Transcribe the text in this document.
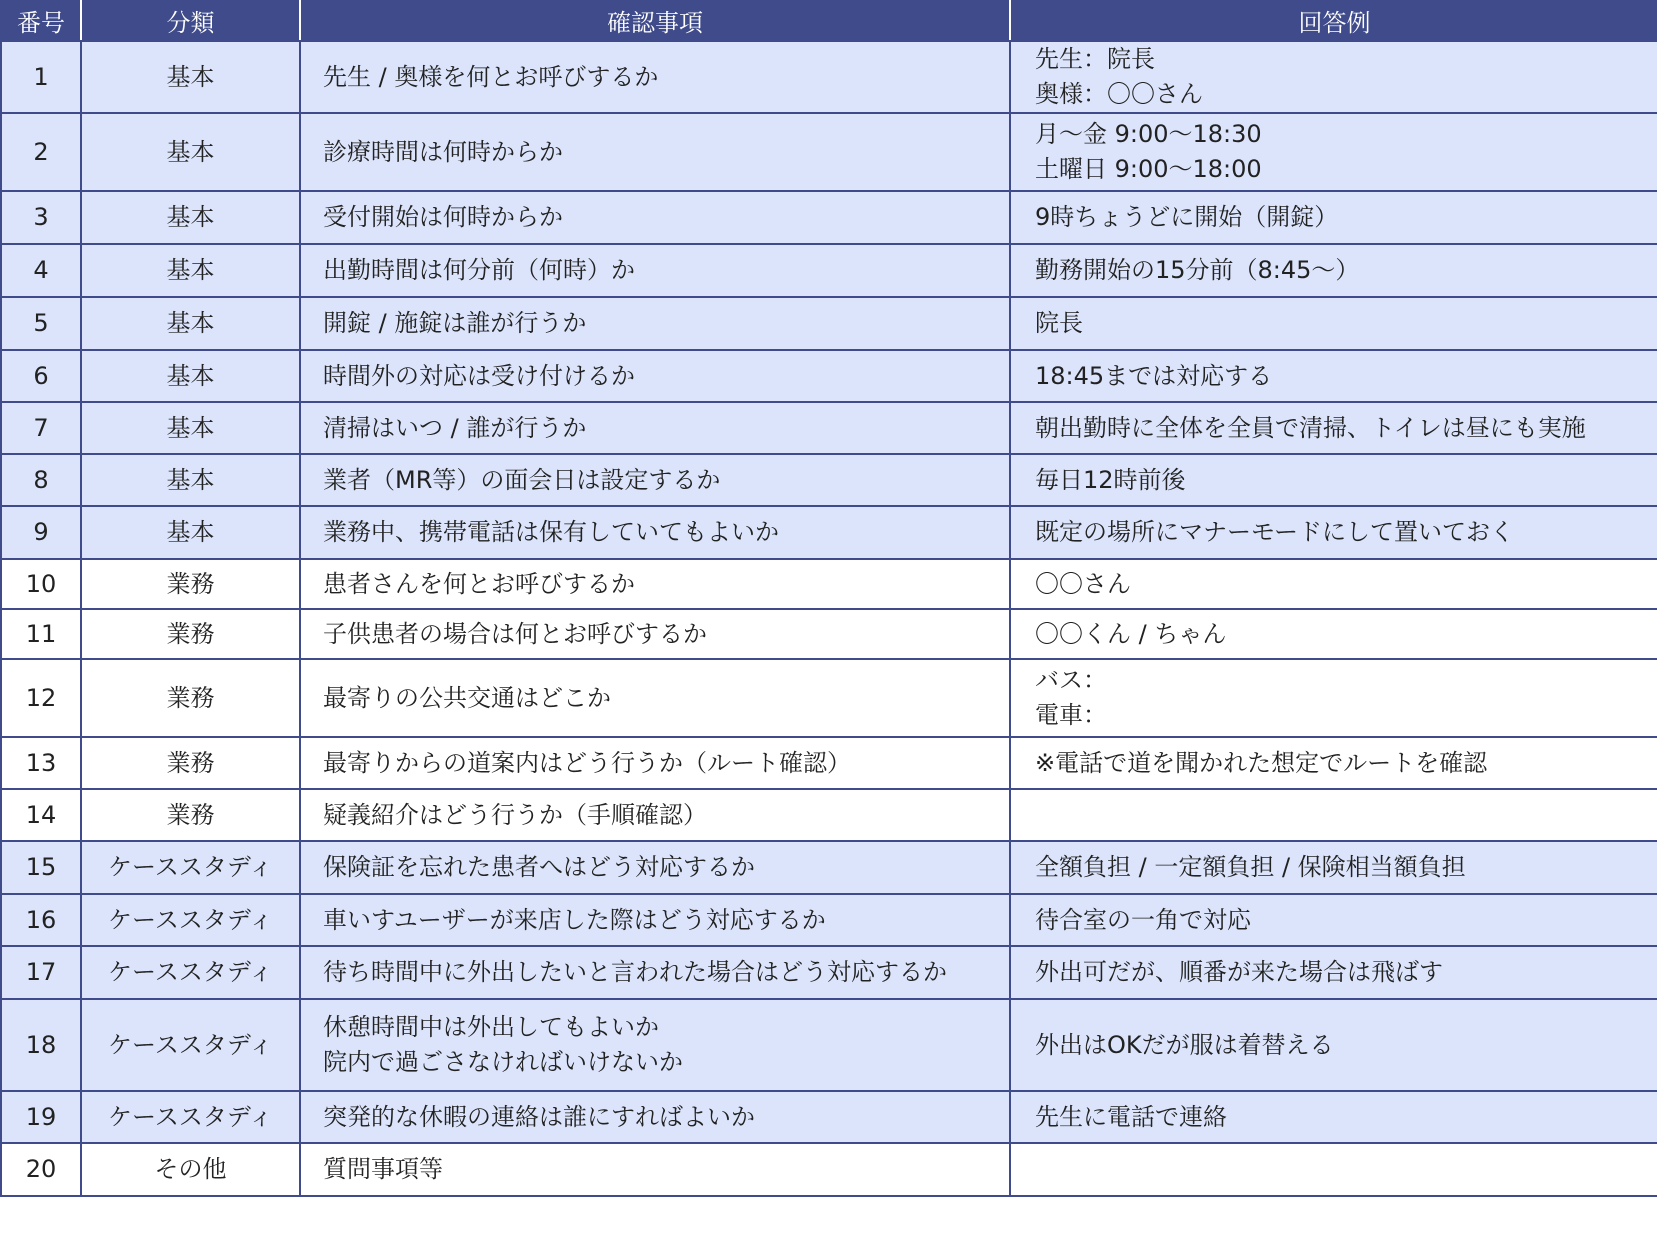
番号	分類	確認事項	回答例
1	基本	先生 / 奥様を何とお呼びするか	先生：院長
奥様：〇〇さん

2	基本	診療時間は何時からか	月～金 9:00～18:30
土曜日 9:00～18:00

3	基本	受付開始は何時からか	9時ちょうどに開始（開錠）

4	基本	出勤時間は何分前（何時）か	勤務開始の15分前（8:45～）

5	基本	開錠 / 施錠は誰が行うか	院長

6	基本	時間外の対応は受け付けるか	18:45までは対応する

7	基本	清掃はいつ / 誰が行うか	朝出勤時に全体を全員で清掃、トイレは昼にも実施

8	基本	業者（MR等）の面会日は設定するか	毎日12時前後

9	基本	業務中、携帯電話は保有していてもよいか	既定の場所にマナーモードにして置いておく

10	業務	患者さんを何とお呼びするか	〇〇さん

11	業務	子供患者の場合は何とお呼びするか	〇〇くん / ちゃん

12	業務	最寄りの公共交通はどこか	バス：
電車：

13	業務	最寄りからの道案内はどう行うか（ルート確認）	※電話で道を聞かれた想定でルートを確認

14	業務	疑義紹介はどう行うか（手順確認）	

15	ケーススタディ	保険証を忘れた患者へはどう対応するか	全額負担 / 一定額負担 / 保険相当額負担

16	ケーススタディ	車いすユーザーが来店した際はどう対応するか	待合室の一角で対応

17	ケーススタディ	待ち時間中に外出したいと言われた場合はどう対応するか	外出可だが、順番が来た場合は飛ばす

18	ケーススタディ	休憩時間中は外出してもよいか
院内で過ごさなければいけないか	外出はOKだが服は着替える

19	ケーススタディ	突発的な休暇の連絡は誰にすればよいか	先生に電話で連絡

20	その他	質問事項等	
